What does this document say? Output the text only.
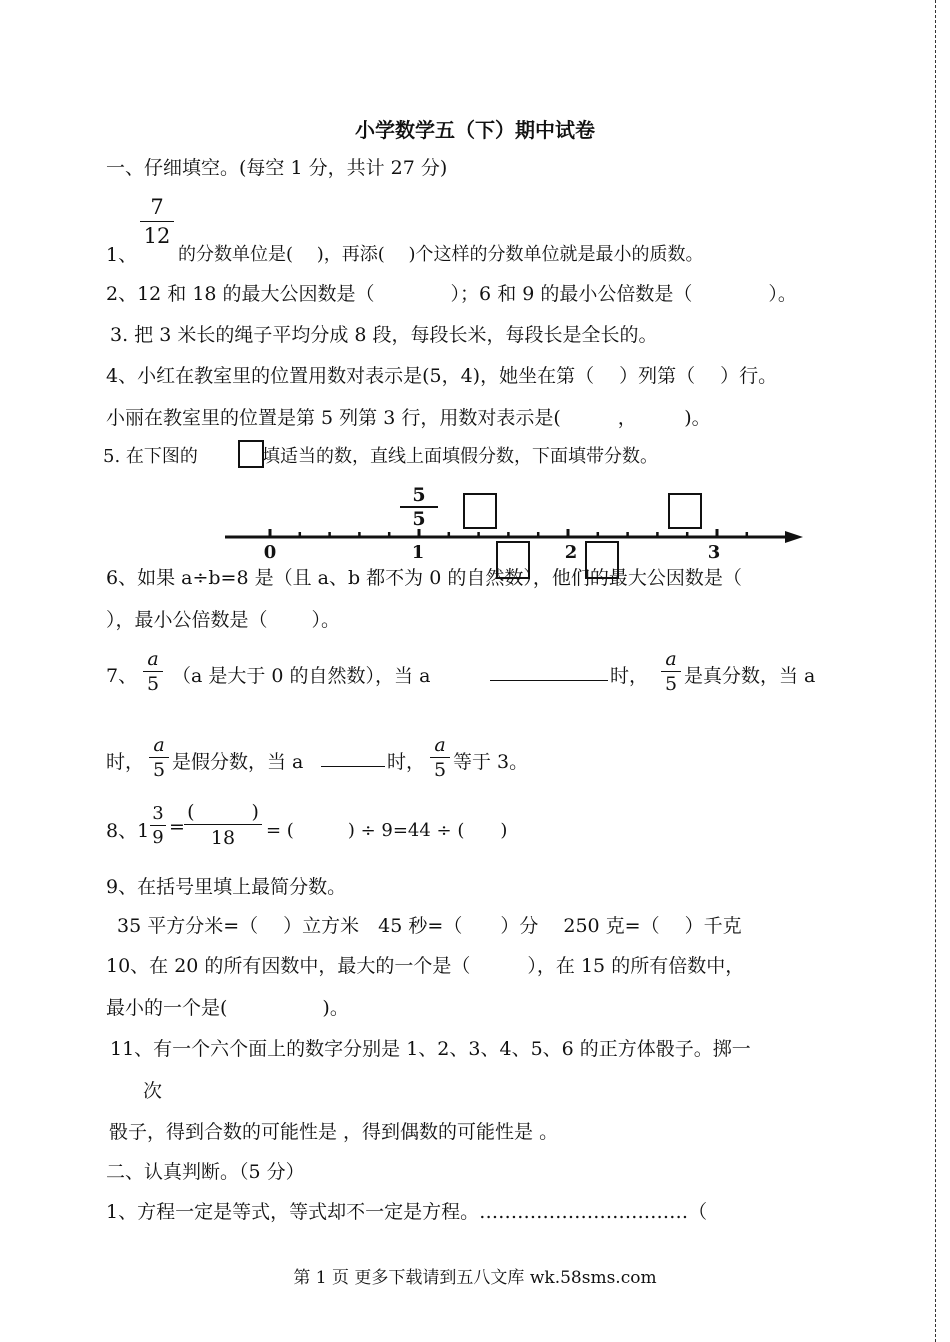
小学数学五（下）期中试卷
一、仔细填空。(每空 1 分，共计 27 分)
$\frac{7}{12}$
1、 的分数单位是(　 )，再添(　 )个这样的分数单位就是最小的质数。
2、12 和 18 的最大公因数是（　　　　）；6 和 9 的最小公倍数是（　　　　）。
3. 把 3 米长的绳子平均分成 8 段，每段长米，每段长是全长的。
4、小红在教室里的位置用数对表示是(5，4)，她坐在第（　 ）列第（　 ）行。
小丽在教室里的位置是第 5 列第 3 行，用数对表示是(　　　，　　　)。
5. 在下图的	填适当的数，直线上面填假分数，下面填带分数。
0	1	2	3
$\frac{5}{5}$
6、如果 a÷b=8 是（且 a、b 都不为 0 的自然数），他们的最大公因数是（
），最小公倍数是（　　 ）。
7、 $\frac{a}{5} (a$ 是大于 0 的自然数），当 a	时， $\frac{a}{5}$ 是真分数，当 a
时， $\frac{a}{5}$ 是假分数，当 a	时， $\frac{a}{5}$ 等于 3。
8、$1 \frac{3}{9}$ =
(　　　)
18	= (　　　) ÷ 9=44 ÷ (　　)
9、在括号里填上最简分数。
35 平方分米=（　 ）立方米　45 秒=（　　）分　 250 克=（　 ）千克
10、在 20 的所有因数中，最大的一个是（　　　），在 15 的所有倍数中，
最小的一个是(　　　　　)。
11、有一个六个面上的数字分别是 1、2、3、4、5、6 的正方体骰子。掷一
次
骰子，得到合数的可能性是 ，得到偶数的可能性是 。
二、认真判断。（5 分）
1、方程一定是等式，等式却不一定是方程。……………………………（
第 1 页 更多下载请到五八文库 wk.58sms.com
